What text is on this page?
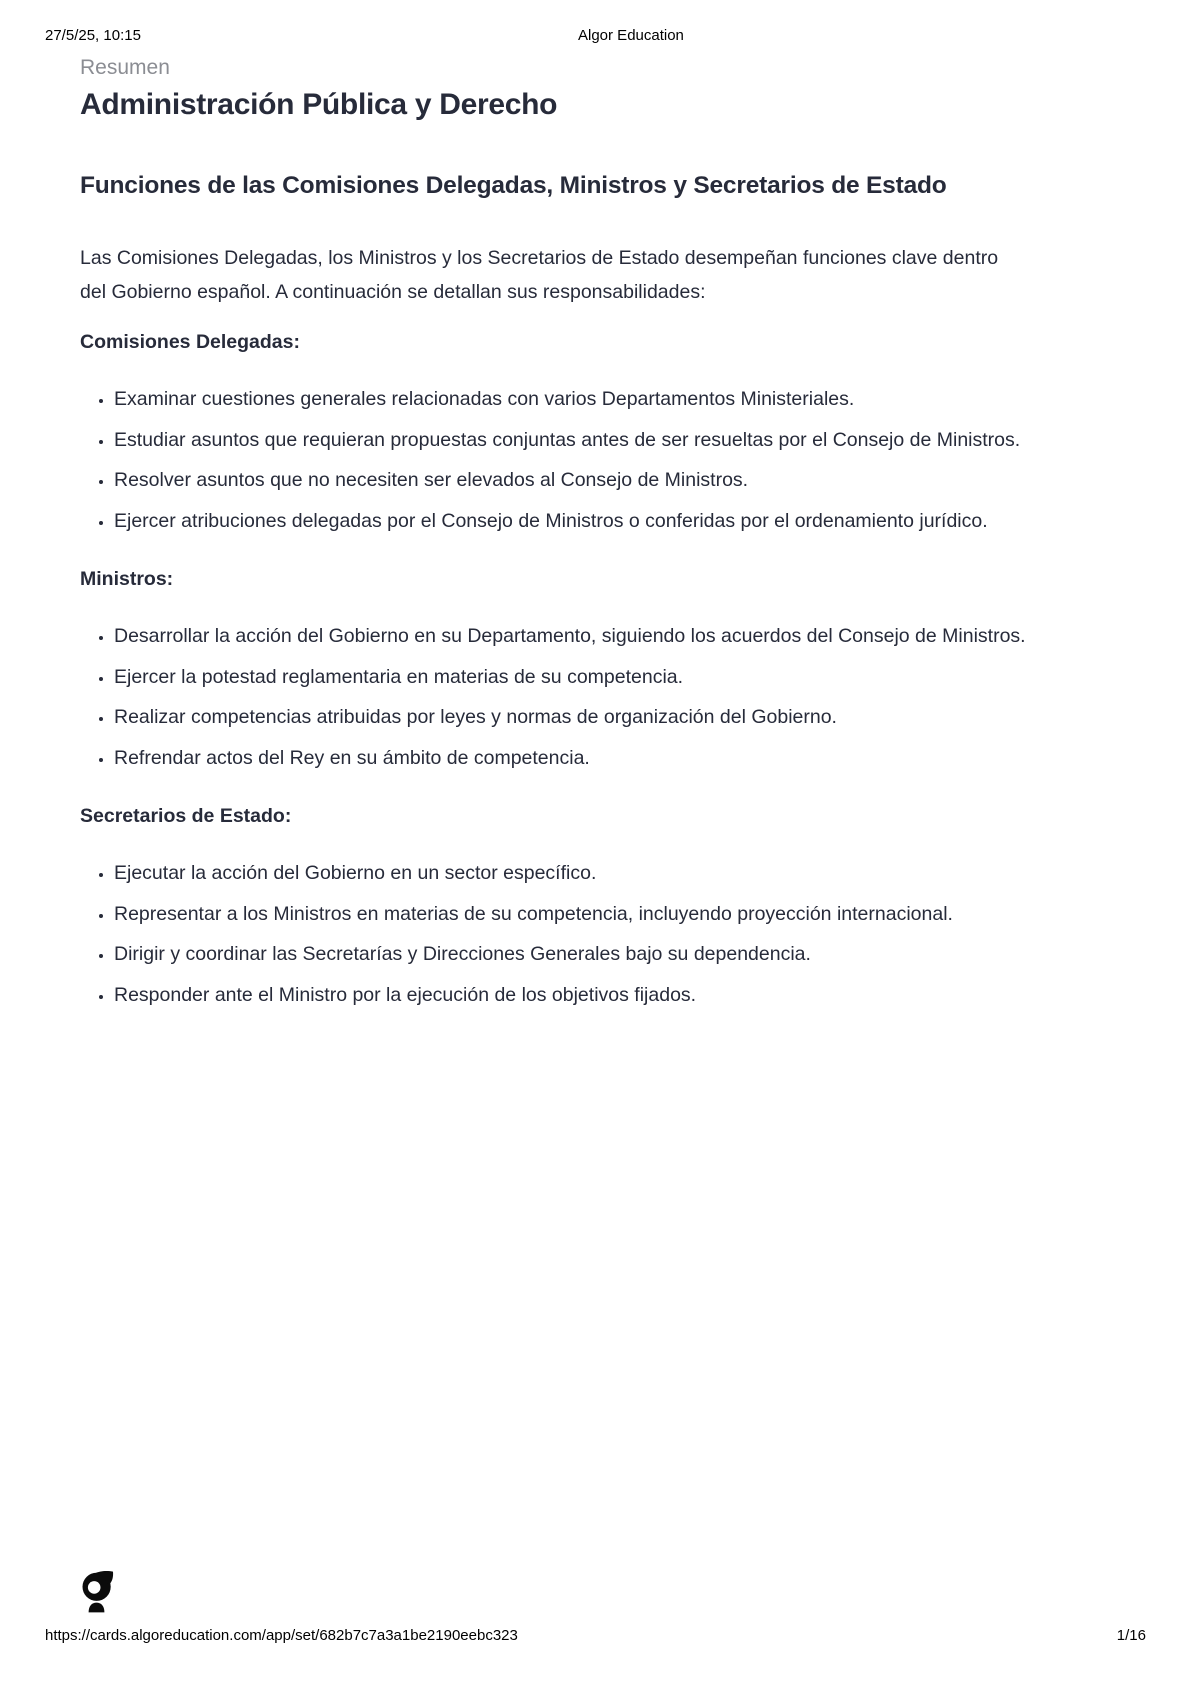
27/5/25, 10:15	Algor Education
Resumen
Administración Pública y Derecho
Funciones de las Comisiones Delegadas, Ministros y Secretarios de Estado

Las Comisiones Delegadas, los Ministros y los Secretarios de Estado desempeñan funciones clave dentro del Gobierno español. A continuación se detallan sus responsabilidades:

Comisiones Delegadas:
• Examinar cuestiones generales relacionadas con varios Departamentos Ministeriales.
• Estudiar asuntos que requieran propuestas conjuntas antes de ser resueltas por el Consejo de Ministros.
• Resolver asuntos que no necesiten ser elevados al Consejo de Ministros.
• Ejercer atribuciones delegadas por el Consejo de Ministros o conferidas por el ordenamiento jurídico.
Ministros:
• Desarrollar la acción del Gobierno en su Departamento, siguiendo los acuerdos del Consejo de Ministros.
• Ejercer la potestad reglamentaria en materias de su competencia.
• Realizar competencias atribuidas por leyes y normas de organización del Gobierno.
• Refrendar actos del Rey en su ámbito de competencia.
Secretarios de Estado:
• Ejecutar la acción del Gobierno en un sector específico.
• Representar a los Ministros en materias de su competencia, incluyendo proyección internacional.
• Dirigir y coordinar las Secretarías y Direcciones Generales bajo su dependencia.
• Responder ante el Ministro por la ejecución de los objetivos fijados.
https://cards.algoreducation.com/app/set/682b7c7a3a1be2190eebc323	1/16
